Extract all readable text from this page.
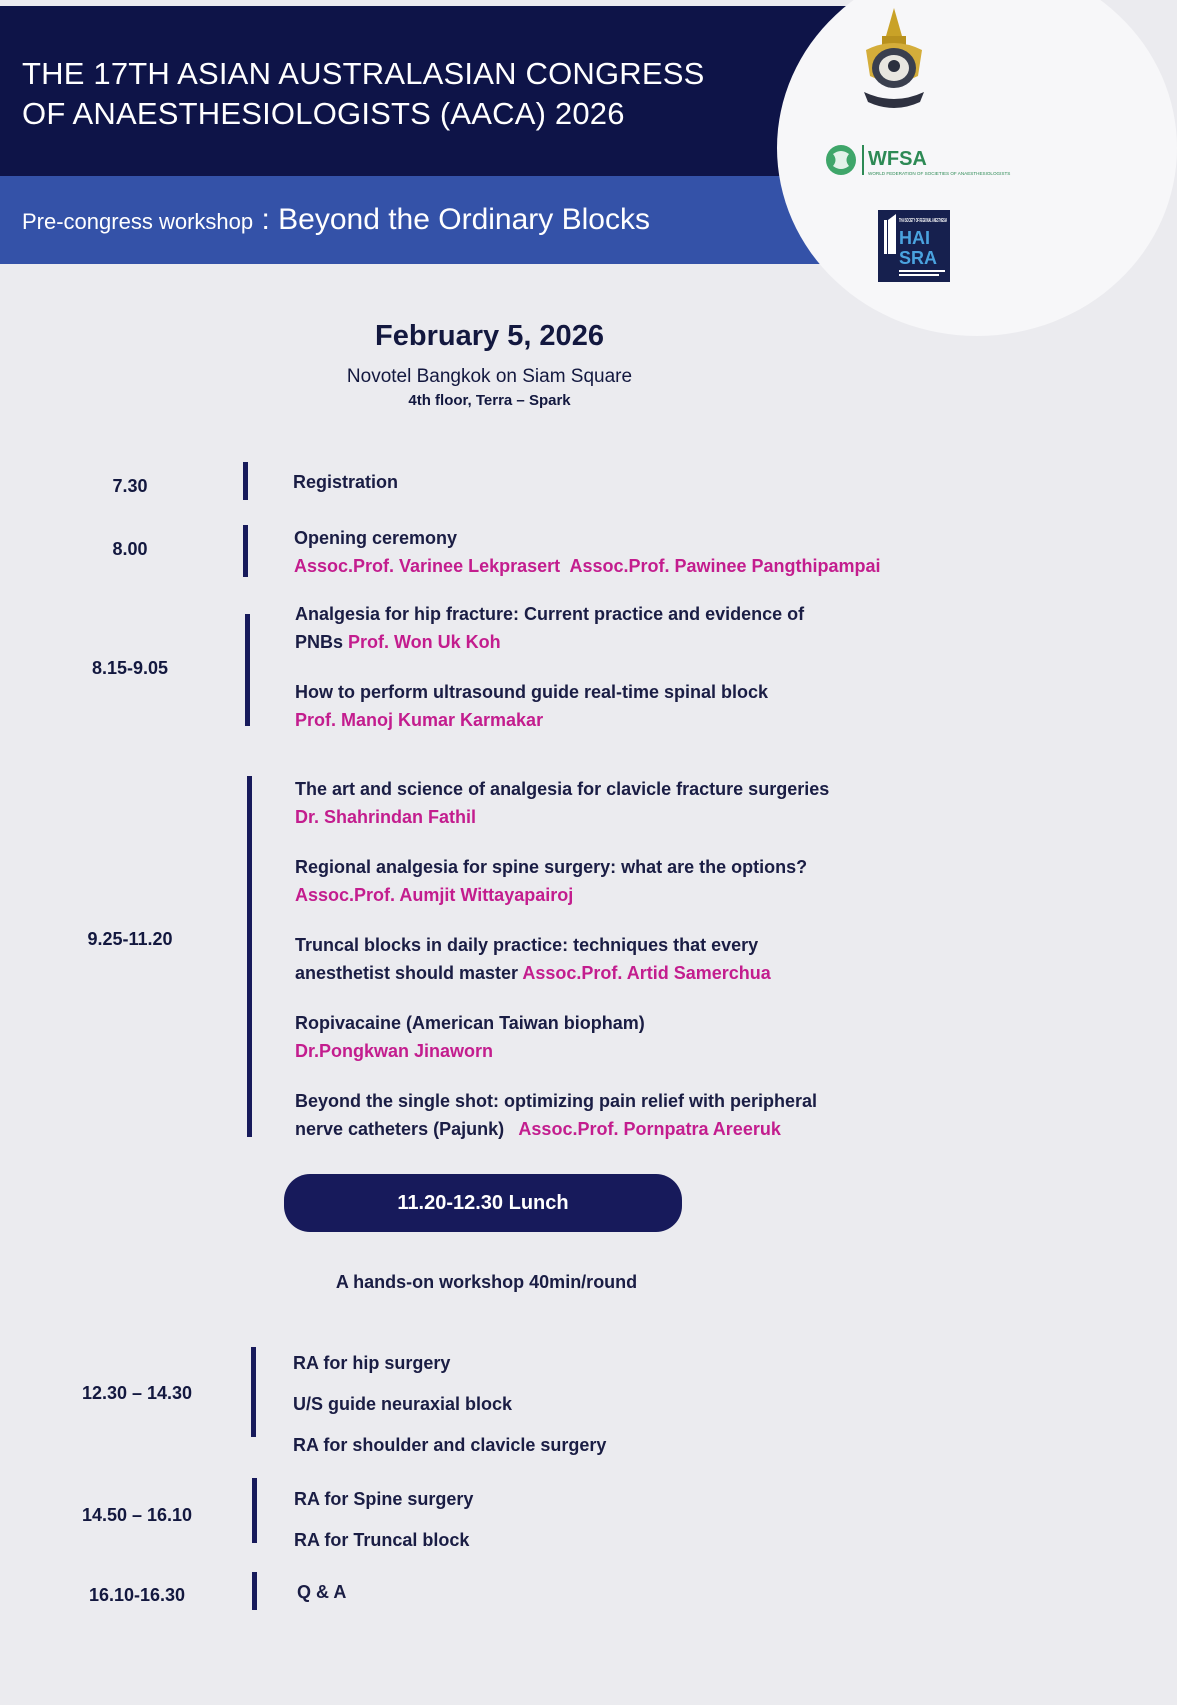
THE 17TH ASIAN AUSTRALASIAN CONGRESS
OF ANAESTHESIOLOGISTS (AACA) 2026
Pre-congress workshop : Beyond the Ordinary Blocks
WFSA
WORLD FEDERATION OF SOCIETIES OF ANAESTHESIOLOGISTS
THAI SOCIETY OF REGIONAL ANESTHESIA
HAI
SRA
February 5, 2026
Novotel Bangkok on Siam Square
4th floor, Terra – Spark
7.30	Registration
8.00
Opening ceremony
Assoc.Prof. Varinee Lekprasert  Assoc.Prof. Pawinee Pangthipampai
8.15-9.05
Analgesia for hip fracture: Current practice and evidence of
PNBs Prof. Won Uk Koh
How to perform ultrasound guide real-time spinal block
Prof. Manoj Kumar Karmakar
9.25-11.20
The art and science of analgesia for clavicle fracture surgeries
Dr. Shahrindan Fathil
Regional analgesia for spine surgery: what are the options?
Assoc.Prof. Aumjit Wittayapairoj
Truncal blocks in daily practice: techniques that every
anesthetist should master Assoc.Prof. Artid Samerchua
Ropivacaine (American Taiwan biopham)
Dr.Pongkwan Jinaworn
Beyond the single shot: optimizing pain relief with peripheral
nerve catheters (Pajunk)   Assoc.Prof. Pornpatra Areeruk
11.20-12.30 Lunch
A hands-on workshop 40min/round
12.30 – 14.30
RA for hip surgery
U/S guide neuraxial block
RA for shoulder and clavicle surgery
14.50 – 16.10
RA for Spine surgery
RA for Truncal block
16.10-16.30	Q & A
